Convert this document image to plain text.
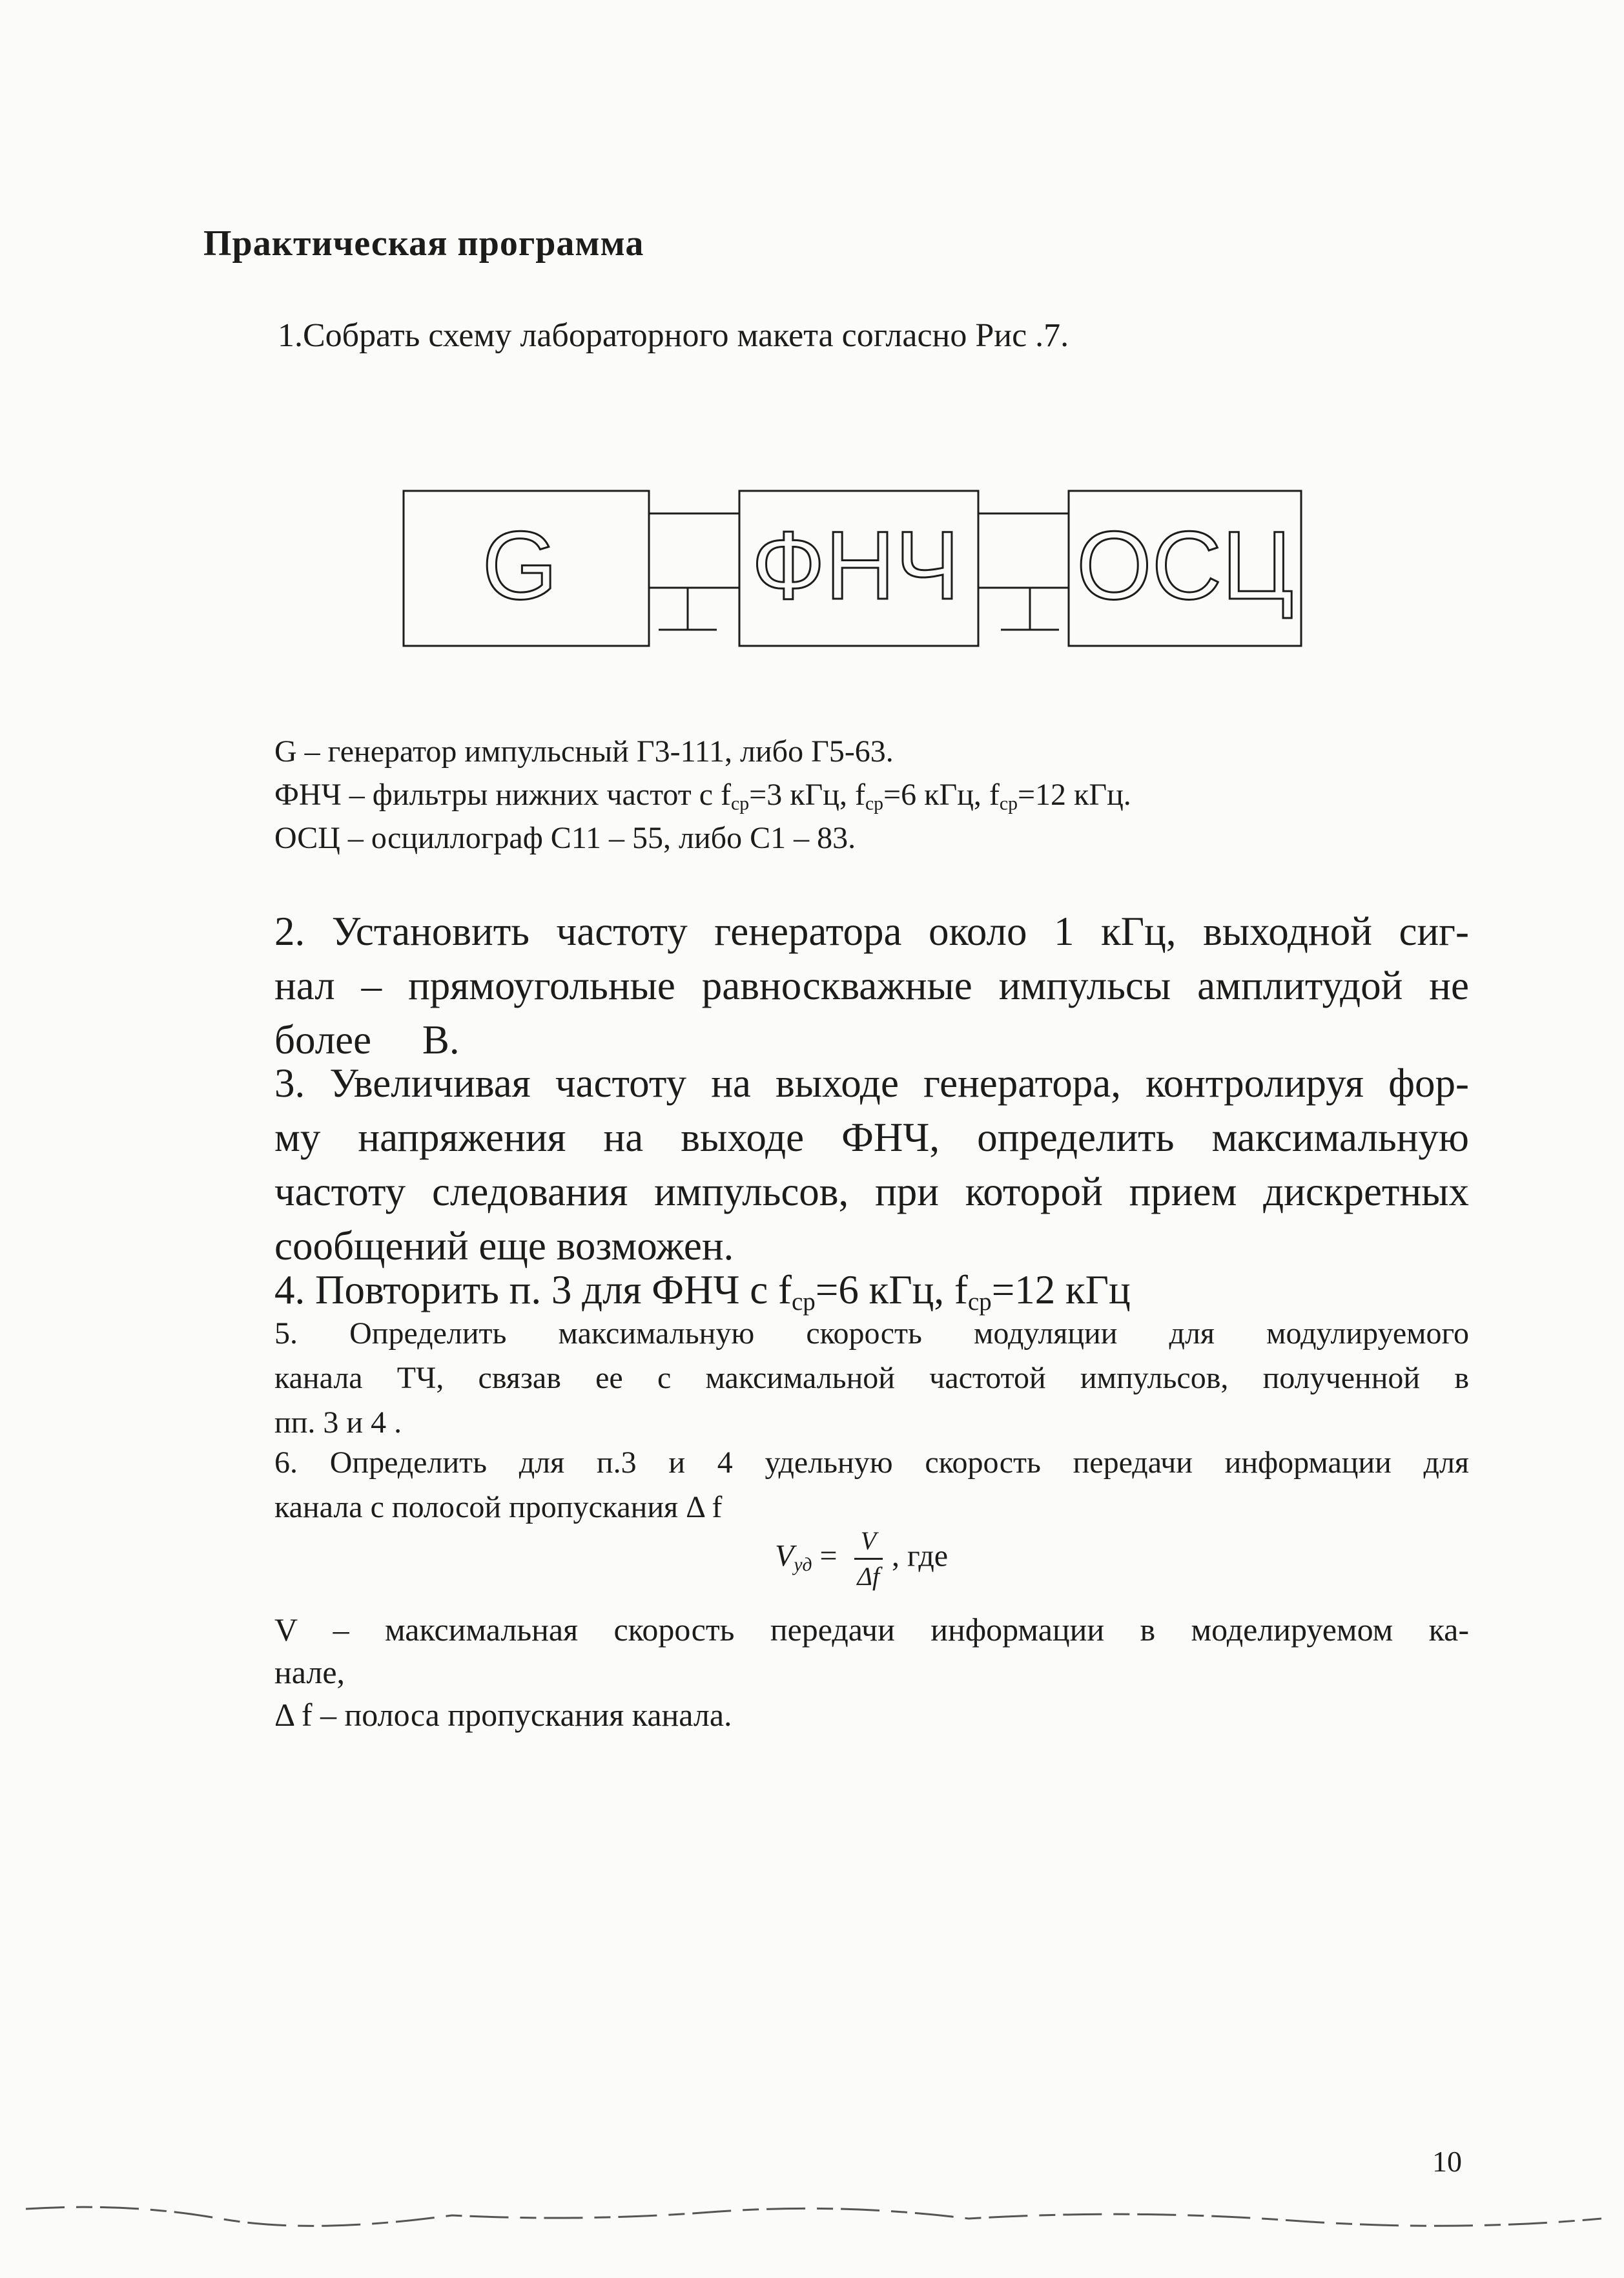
Практическая программа
1.Собрать схему лабораторного макета согласно Рис .7.
G ФНЧ ОСЦ
G – генератор импульсный Г3-111, либо Г5-63.
ФНЧ – фильтры нижних частот с $f_{ср}=3$ кГц, $f_{ср}=6$ кГц, $f_{ср}=12$ кГц.
ОСЦ – осциллограф С11 – 55, либо С1 – 83.

2. Установить частоту генератора около 1 кГц, выходной сиг-

нал – прямоугольные равноскважные импульсы амплитудой не

более     В.

3. Увеличивая частоту на выходе генератора, контролируя фор-

му напряжения на выходе ФНЧ, определить максимальную

частоту следования импульсов, при которой прием дискретных

сообщений еще возможен.

4. Повторить п. 3 для ФНЧ с $f_{ср}=6$ кГц, $f_{ср}=12$ кГц

5. Определить максимальную скорость модуляции для модулируемого

канала ТЧ, связав ее с максимальной частотой импульсов, полученной в

пп. 3 и 4 .

6. Определить для п.3 и 4 удельную скорость передачи информации для

канала с полосой пропускания Δ f

$V_{уд} = \frac{V}{\Delta f}$ , где

V – максимальная скорость передачи информации в моделируемом ка-

нале,

Δ f – полоса пропускания канала.

10
